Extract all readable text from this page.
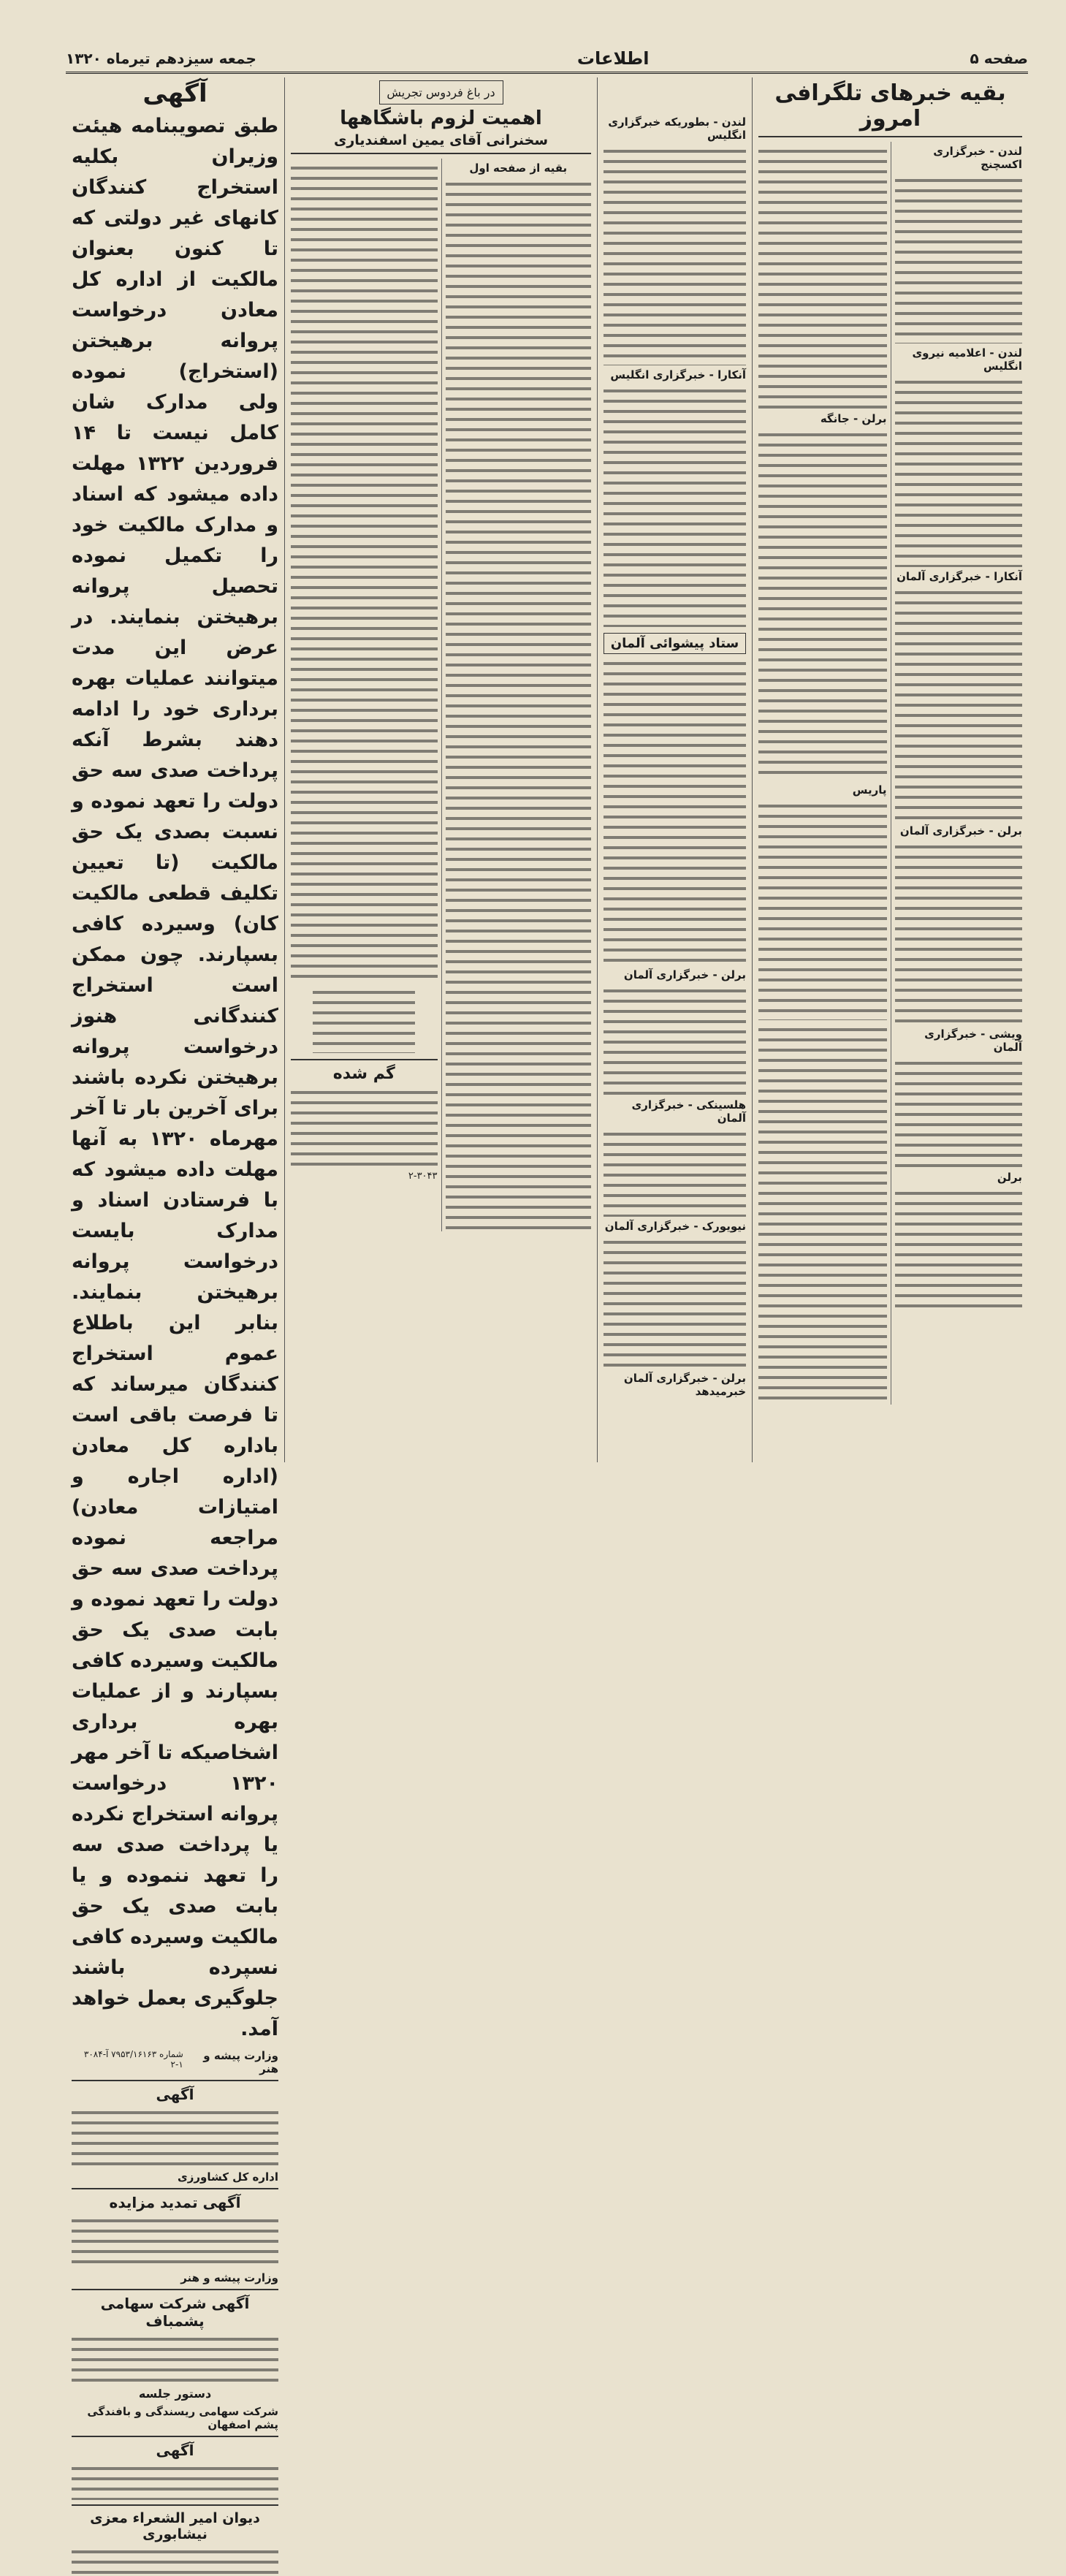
صفحه ۵
اطلاعات
جمعه سیزدهم تیرماه ۱۳۲۰
بقیه خبرهای تلگرافی امروز
لندن - خبرگزاری اکسچنج
لندن - اعلامیه نیروی انگلیس
آنکارا - خبرگزاری آلمان
برلن - خبرگزاری آلمان
ویشی - خبرگزاری آلمان
برلن
برلن - جانگه
پاریس
لندن - بطوریکه خبرگزاری انگلیس
آنکارا - خبرگزاری انگلیس
ستاد پیشوائی آلمان
برلن - خبرگزاری آلمان
هلسینکی - خبرگزاری آلمان
نیویورک - خبرگزاری آلمان
برلن - خبرگزاری آلمان خبرمیدهد
در باغ فردوس تجریش
اهمیت لزوم باشگاهها
سخنرانی آقای یمین اسفندیاری
بقیه از صفحه اول
گم شده
۲-۳۰۴۳
آگهی
طبق تصویبنامه هیئت وزیران بکلیه استخراج کنندگان کانهای غیر دولتی که تا کنون بعنوان مالکیت از اداره کل معادن درخواست پروانه برهیختن (استخراج) نموده ولی مدارک شان کامل نیست تا ۱۴ فروردین ۱۳۲۲ مهلت داده میشود که اسناد و مدارک مالکیت خود را تکمیل نموده تحصیل پروانه برهیختن بنمایند. در عرض این مدت میتوانند عملیات بهره برداری خود را ادامه دهند بشرط آنکه پرداخت صدی سه حق دولت را تعهد نموده و نسبت بصدی یک حق مالکیت (تا تعیین تکلیف قطعی مالکیت کان) وسیرده کافی بسپارند. چون ممکن است استخراج کنندگانی هنوز درخواست پروانه برهیختن نکرده باشند برای آخرین بار تا آخر مهرماه ۱۳۲۰ به آنها مهلت داده میشود که با فرستادن اسناد و مدارک بایست درخواست پروانه برهیختن بنمایند. بنابر این باطلاع عموم استخراج کنندگان میرساند که تا فرصت باقی است باداره کل معادن (اداره اجاره و امتیازات معادن) مراجعه نموده پرداخت صدی سه حق دولت را تعهد نموده و بابت صدی یک حق مالکیت وسیرده کافی بسپارند و از عملیات بهره برداری اشخاصیکه تا آخر مهر ۱۳۲۰ درخواست پروانه استخراج نکرده یا پرداخت صدی سه را تعهد ننموده و یا بابت صدی یک حق مالکیت وسیرده کافی نسپرده باشند جلوگیری بعمل خواهد آمد.
وزارت پیشه و هنر
شماره ۷۹۵۳/۱۶۱۶۳ آ-۳۰۸۴ ۱-۲
آگهی
اداره کل کشاورزی
آگهی تمدید مزایده
وزارت پیشه و هنر
آگهی شرکت سهامی پشمباف
دستور جلسه
شرکت سهامی ریسندگی و بافندگی پشم اصفهان
آگهی
دیوان امیر الشعراء معزی نیشابوری
